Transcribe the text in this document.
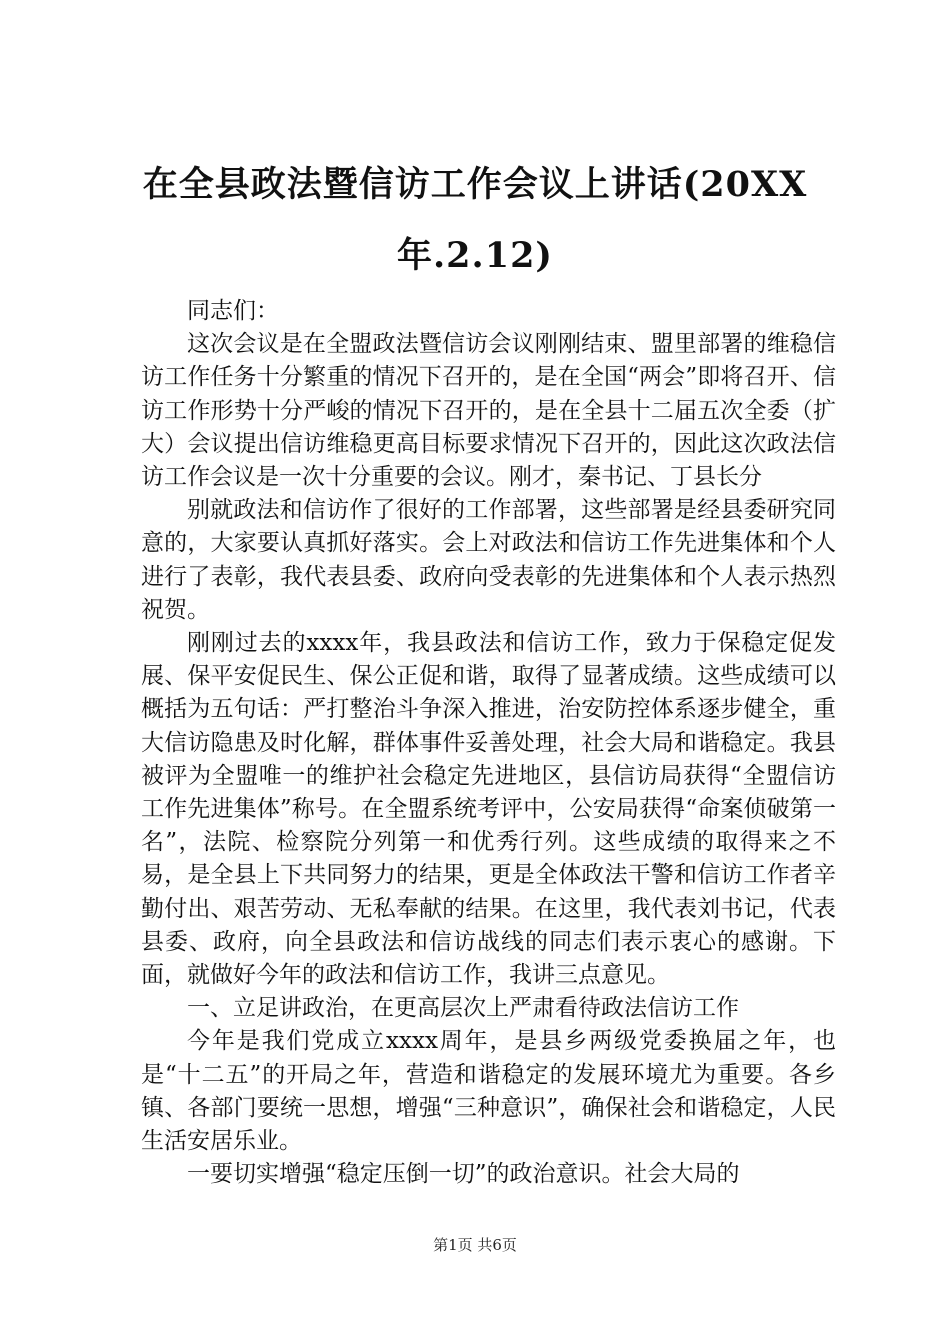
在全县政法暨信访工作会议上讲话(20XX
年.2.12)

同志们：

这次会议是在全盟政法暨信访会议刚刚结束、盟里部署的维稳信访工作任务十分繁重的情况下召开的，是在全国“两会”即将召开、信访工作形势十分严峻的情况下召开的，是在全县十二届五次全委（扩大）会议提出信访维稳更高目标要求情况下召开的，因此这次政法信访工作会议是一次十分重要的会议。刚才，秦书记、丁县长分

别就政法和信访作了很好的工作部署，这些部署是经县委研究同意的，大家要认真抓好落实。会上对政法和信访工作先进集体和个人进行了表彰，我代表县委、政府向受表彰的先进集体和个人表示热烈祝贺。

刚刚过去的xxxx年，我县政法和信访工作，致力于保稳定促发展、保平安促民生、保公正促和谐，取得了显著成绩。这些成绩可以概括为五句话：严打整治斗争深入推进，治安防控体系逐步健全，重大信访隐患及时化解，群体事件妥善处理，社会大局和谐稳定。我县被评为全盟唯一的维护社会稳定先进地区，县信访局获得“全盟信访工作先进集体”称号。在全盟系统考评中，公安局获得“命案侦破第一名”，法院、检察院分列第一和优秀行列。这些成绩的取得来之不易，是全县上下共同努力的结果，更是全体政法干警和信访工作者辛勤付出、艰苦劳动、无私奉献的结果。在这里，我代表刘书记，代表县委、政府，向全县政法和信访战线的同志们表示衷心的感谢。下面，就做好今年的政法和信访工作，我讲三点意见。

一、立足讲政治，在更高层次上严肃看待政法信访工作

今年是我们党成立xxxx周年，是县乡两级党委换届之年，也是“十二五”的开局之年，营造和谐稳定的发展环境尤为重要。各乡镇、各部门要统一思想，增强“三种意识”，确保社会和谐稳定，人民生活安居乐业。

一要切实增强“稳定压倒一切”的政治意识。社会大局的

第1页 共6页
